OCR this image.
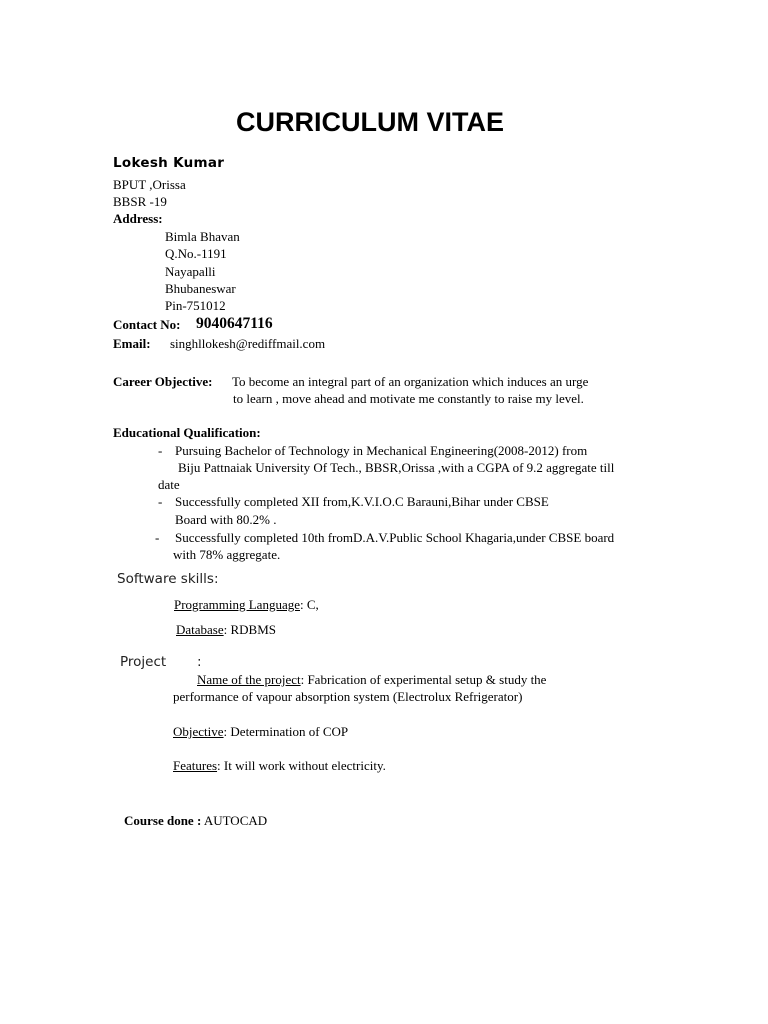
CURRICULUM VITAE
Lokesh Kumar
BPUT ,Orissa
BBSR -19
Address:
Bimla Bhavan
Q.No.-1191
Nayapalli
Bhubaneswar
Pin-751012
Contact No: 9040647116
Email: singhllokesh@rediffmail.com
Career Objective: To become an integral part of an organization which induces an urge
to learn , move ahead and motivate me constantly to raise my level.
Educational Qualification:
- Pursuing Bachelor of Technology in Mechanical Engineering(2008-2012) from
Biju Pattnaiak University Of Tech., BBSR,Orissa ,with a CGPA of 9.2 aggregate till
date
- Successfully completed XII from,K.V.I.O.C Barauni,Bihar under CBSE
Board with 80.2% .
- Successfully completed 10th fromD.A.V.Public School Khagaria,under CBSE board
with 78% aggregate.
Software skills:
Programming Language: C,
Database: RDBMS
Project :
Name of the project: Fabrication of experimental setup & study the
performance of vapour absorption system (Electrolux Refrigerator)
Objective: Determination of COP
Features: It will work without electricity.
Course done : AUTOCAD
